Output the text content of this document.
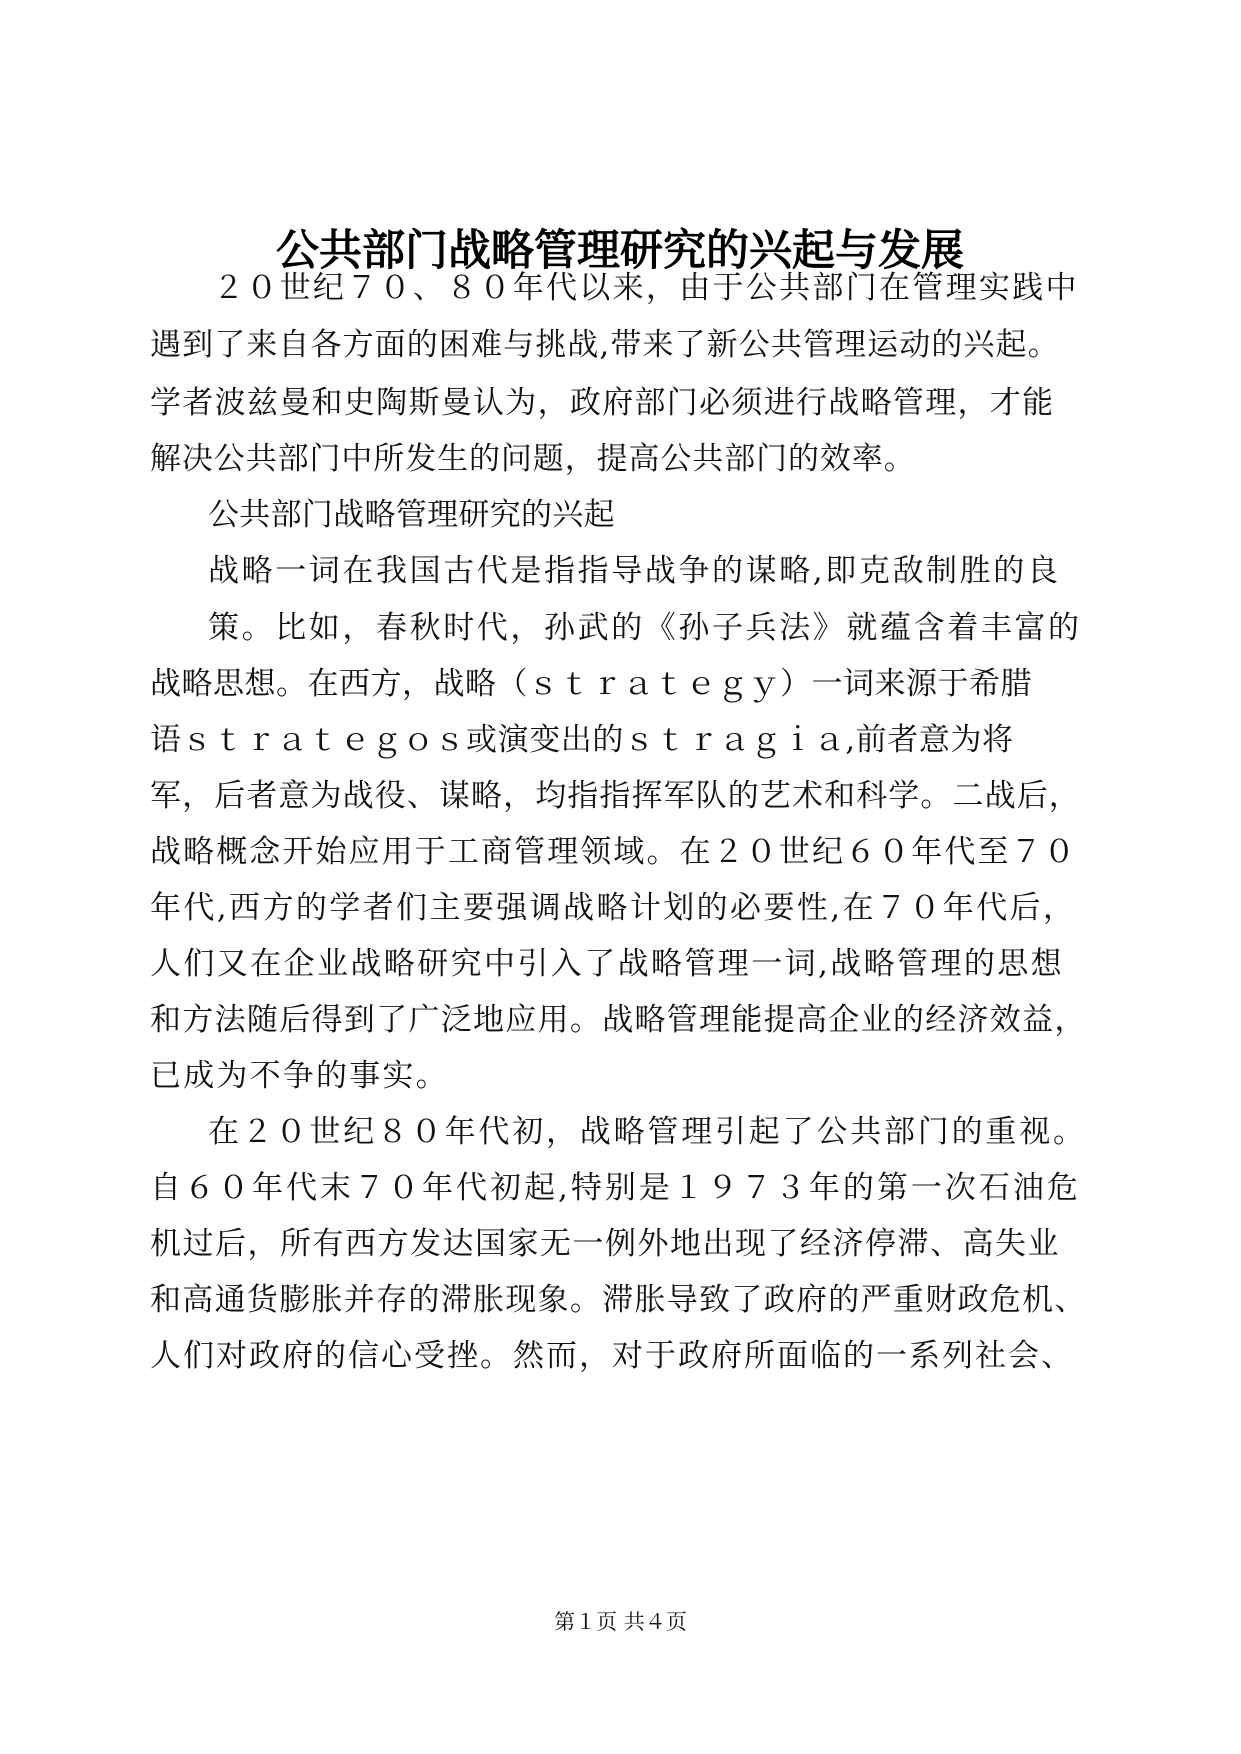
公共部门战略管理研究的兴起与发展

２０世纪７０、８０年代以来，由于公共部门在管理实践中

遇到了来自各方面的困难与挑战,带来了新公共管理运动的兴起。

学者波兹曼和史陶斯曼认为，政府部门必须进行战略管理，才能

解决公共部门中所发生的问题，提高公共部门的效率。

公共部门战略管理研究的兴起

战略一词在我国古代是指指导战争的谋略,即克敌制胜的良

策。比如，春秋时代，孙武的《孙子兵法》就蕴含着丰富的

战略思想。在西方，战略（ｓｔｒａｔｅｇｙ）一词来源于希腊

语ｓｔｒａｔｅｇｏｓ或演变出的ｓｔｒａｇｉａ,前者意为将

军，后者意为战役、谋略，均指指挥军队的艺术和科学。二战后，

战略概念开始应用于工商管理领域。在２０世纪６０年代至７０

年代,西方的学者们主要强调战略计划的必要性,在７０年代后，

人们又在企业战略研究中引入了战略管理一词,战略管理的思想

和方法随后得到了广泛地应用。战略管理能提高企业的经济效益，

已成为不争的事实。

在２０世纪８０年代初，战略管理引起了公共部门的重视。

自６０年代末７０年代初起,特别是１９７３年的第一次石油危

机过后，所有西方发达国家无一例外地出现了经济停滞、高失业

和高通货膨胀并存的滞胀现象。滞胀导致了政府的严重财政危机、

人们对政府的信心受挫。然而，对于政府所面临的一系列社会、

第１页 共４页
